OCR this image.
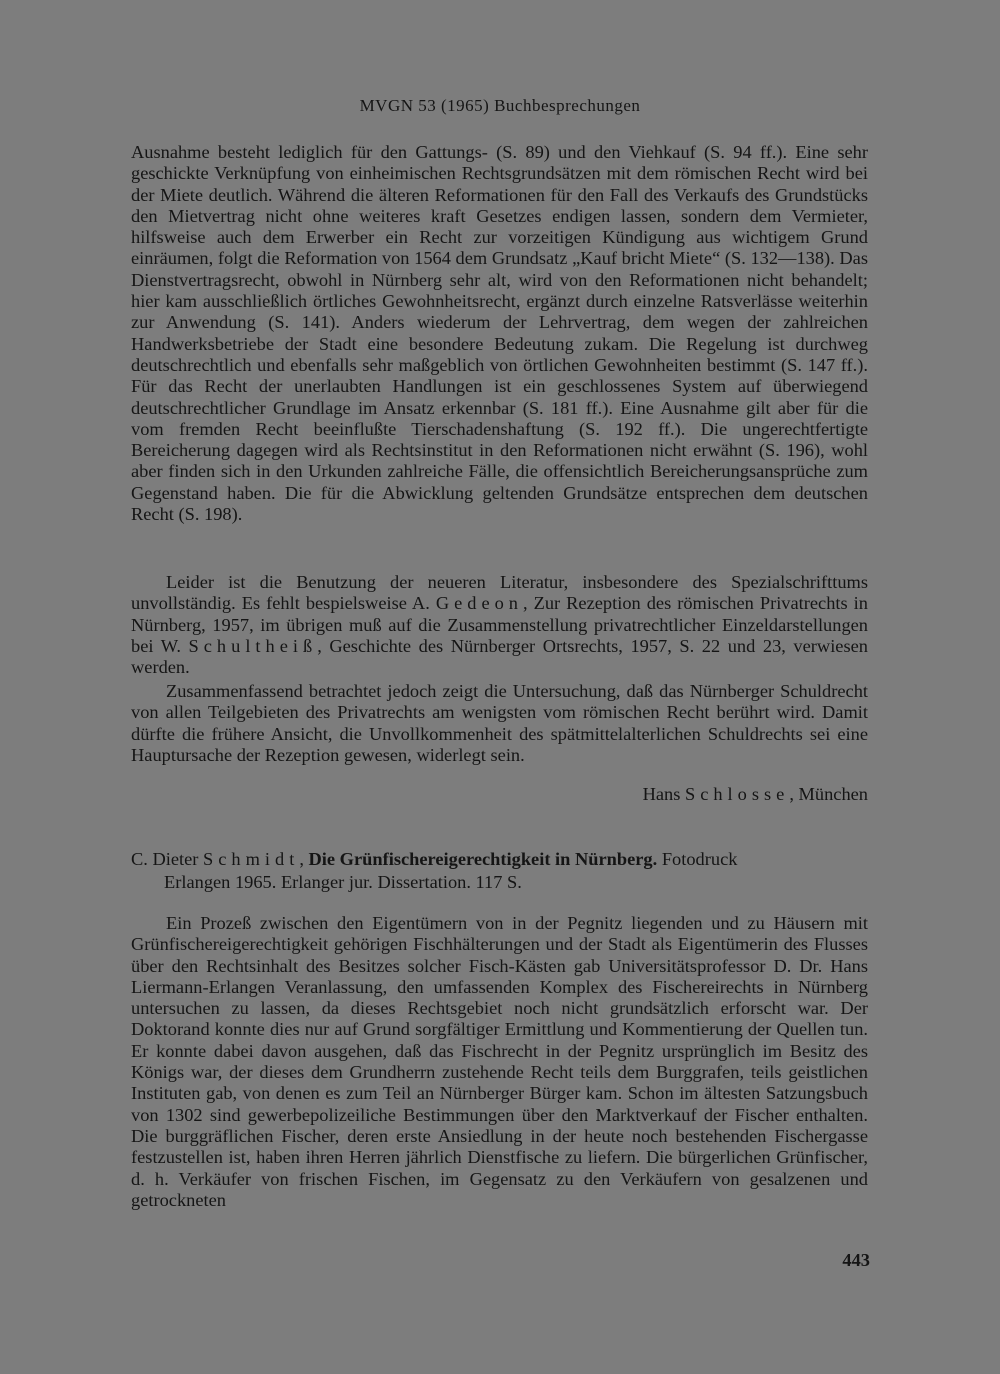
MVGN 53 (1965) Buchbesprechungen

Ausnahme besteht lediglich für den Gattungs- (S. 89) und den Viehkauf (S. 94 ff.). Eine sehr geschickte Verknüpfung von einheimischen Rechtsgrundsätzen mit dem römischen Recht wird bei der Miete deutlich. Während die älteren Reformationen für den Fall des Verkaufs des Grundstücks den Mietvertrag nicht ohne weiteres kraft Gesetzes endigen lassen, sondern dem Vermieter, hilfsweise auch dem Erwerber ein Recht zur vorzeitigen Kündigung aus wichtigem Grund einräumen, folgt die Reformation von 1564 dem Grundsatz „Kauf bricht Miete“ (S. 132—138). Das Dienstvertragsrecht, obwohl in Nürnberg sehr alt, wird von den Reformationen nicht behandelt; hier kam ausschließlich örtliches Gewohnheitsrecht, ergänzt durch einzelne Ratsverlässe weiterhin zur Anwendung (S. 141). Anders wiederum der Lehrvertrag, dem wegen der zahlreichen Handwerksbetriebe der Stadt eine besondere Bedeutung zukam. Die Regelung ist durchweg deutschrechtlich und ebenfalls sehr maßgeblich von örtlichen Gewohnheiten bestimmt (S. 147 ff.). Für das Recht der unerlaubten Handlungen ist ein geschlossenes System auf überwiegend deutschrechtlicher Grundlage im Ansatz erkennbar (S. 181 ff.). Eine Ausnahme gilt aber für die vom fremden Recht beeinflußte Tierschadenshaftung (S. 192 ff.). Die ungerechtfertigte Bereicherung dagegen wird als Rechtsinstitut in den Reformationen nicht erwähnt (S. 196), wohl aber finden sich in den Urkunden zahlreiche Fälle, die offensichtlich Bereicherungsansprüche zum Gegenstand haben. Die für die Abwicklung geltenden Grundsätze entsprechen dem deutschen Recht (S. 198).

Leider ist die Benutzung der neueren Literatur, insbesondere des Spezialschrifttums unvollständig. Es fehlt bespielsweise A. Gedeon, Zur Rezeption des römischen Privatrechts in Nürnberg, 1957, im übrigen muß auf die Zusammenstellung privatrechtlicher Einzeldarstellungen bei W. Schultheiß, Geschichte des Nürnberger Ortsrechts, 1957, S. 22 und 23, verwiesen werden.

Zusammenfassend betrachtet jedoch zeigt die Untersuchung, daß das Nürnberger Schuldrecht von allen Teilgebieten des Privatrechts am wenigsten vom römischen Recht berührt wird. Damit dürfte die frühere Ansicht, die Unvollkommenheit des spätmittelalterlichen Schuldrechts sei eine Hauptursache der Rezeption gewesen, widerlegt sein.

Hans Schlosse, München
C. Dieter Schmidt, Die Grünfischereigerechtigkeit in Nürnberg. Fotodruck
Erlangen 1965. Erlanger jur. Dissertation. 117 S.

Ein Prozeß zwischen den Eigentümern von in der Pegnitz liegenden und zu Häusern mit Grünfischereigerechtigkeit gehörigen Fischhälterungen und der Stadt als Eigentümerin des Flusses über den Rechtsinhalt des Besitzes solcher Fisch-Kästen gab Universitätsprofessor D. Dr. Hans Liermann-Erlangen Veranlassung, den umfassenden Komplex des Fischereirechts in Nürnberg untersuchen zu lassen, da dieses Rechtsgebiet noch nicht grundsätzlich erforscht war. Der Doktorand konnte dies nur auf Grund sorgfältiger Ermittlung und Kommentierung der Quellen tun. Er konnte dabei davon ausgehen, daß das Fischrecht in der Pegnitz ursprünglich im Besitz des Königs war, der dieses dem Grundherrn zustehende Recht teils dem Burggrafen, teils geistlichen Instituten gab, von denen es zum Teil an Nürnberger Bürger kam. Schon im ältesten Satzungsbuch von 1302 sind gewerbepolizeiliche Bestimmungen über den Marktverkauf der Fischer enthalten. Die burggräflichen Fischer, deren erste Ansiedlung in der heute noch bestehenden Fischergasse festzustellen ist, haben ihren Herren jährlich Dienstfische zu liefern. Die bürgerlichen Grünfischer, d. h. Verkäufer von frischen Fischen, im Gegensatz zu den Verkäufern von gesalzenen und getrockneten

443
